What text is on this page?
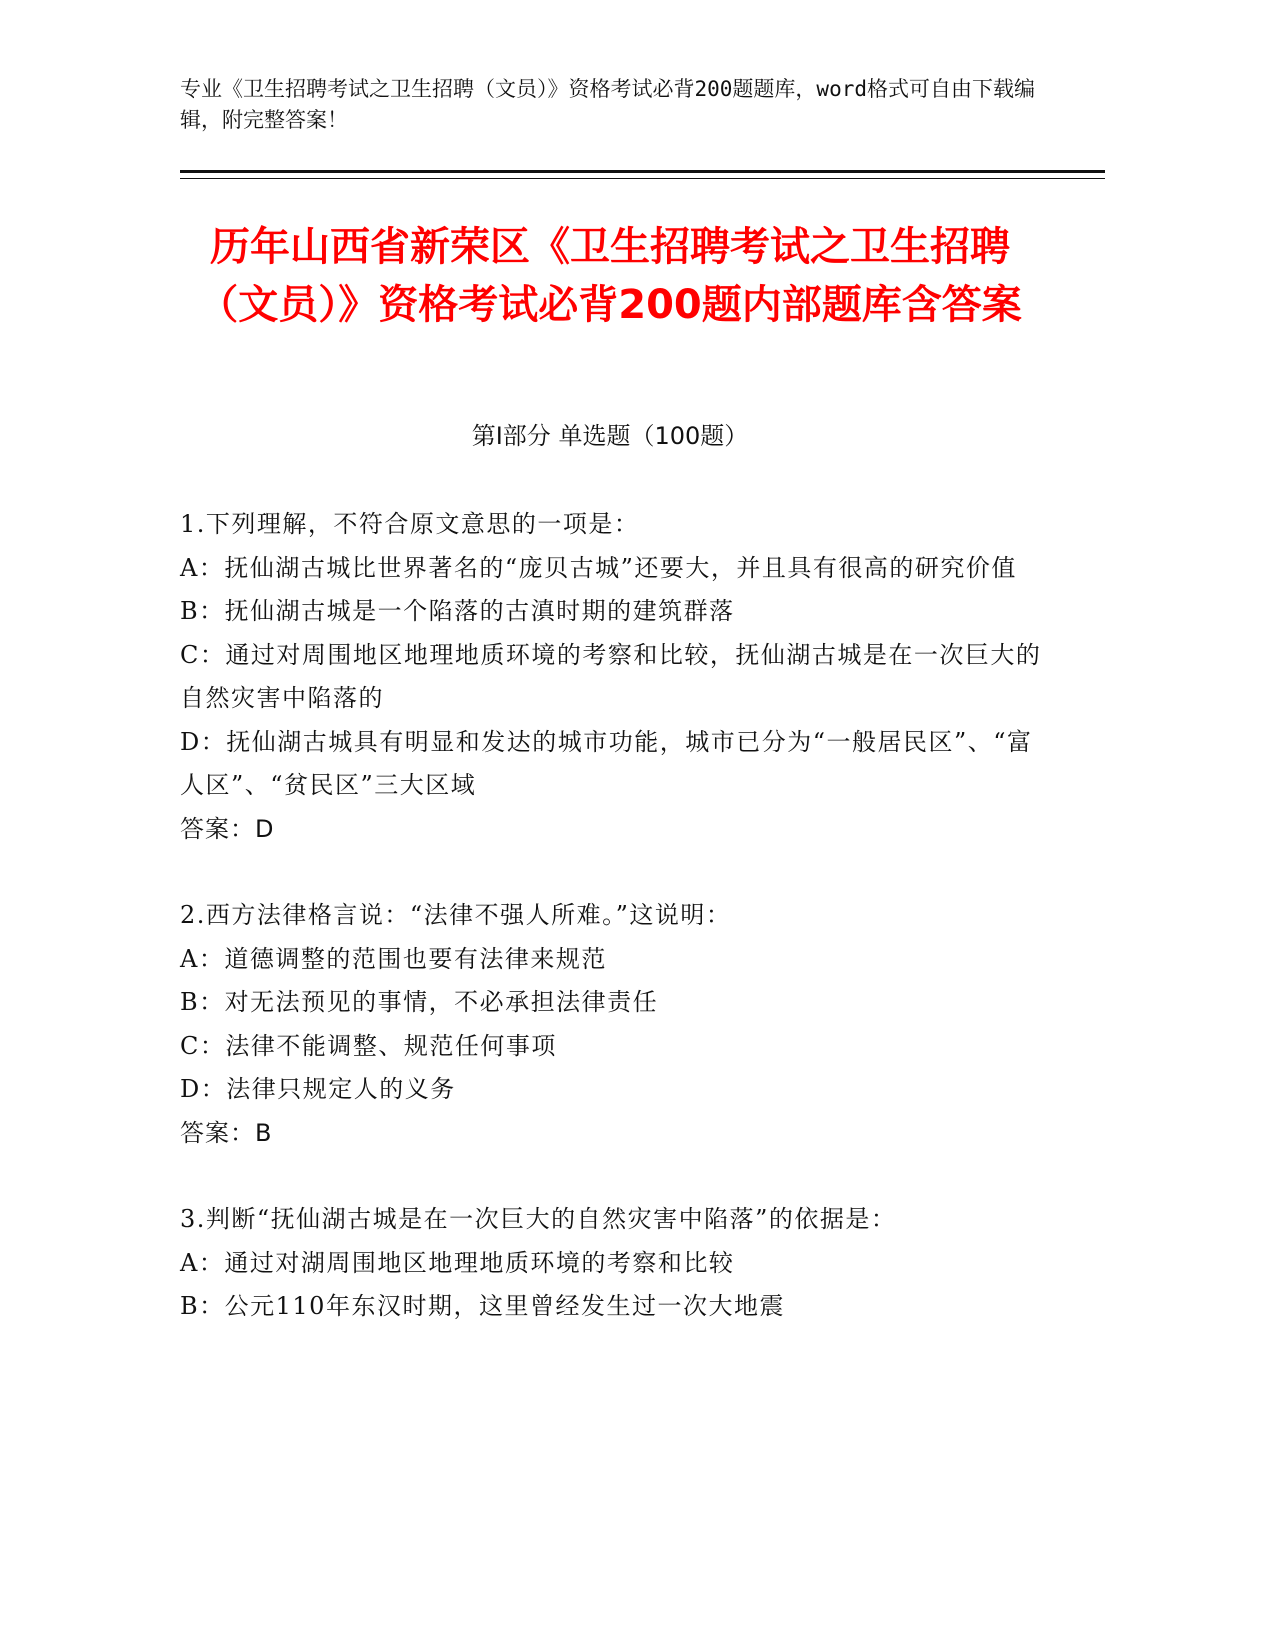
专业《卫生招聘考试之卫生招聘（文员）》资格考试必背200题题库，word格式可自由下载编辑，附完整答案！
历年山西省新荣区《卫生招聘考试之卫生招聘（文员）》资格考试必背200题内部题库含答案
第I部分 单选题（100题）
1.下列理解，不符合原文意思的一项是：
A：抚仙湖古城比世界著名的“庞贝古城”还要大，并且具有很高的研究价值
B：抚仙湖古城是一个陷落的古滇时期的建筑群落
C：通过对周围地区地理地质环境的考察和比较，抚仙湖古城是在一次巨大的自然灾害中陷落的
D：抚仙湖古城具有明显和发达的城市功能，城市已分为“一般居民区”、“富人区”、“贫民区”三大区域
答案：D
2.西方法律格言说：“法律不强人所难。”这说明：
A：道德调整的范围也要有法律来规范
B：对无法预见的事情，不必承担法律责任
C：法律不能调整、规范任何事项
D：法律只规定人的义务
答案：B
3.判断“抚仙湖古城是在一次巨大的自然灾害中陷落”的依据是：
A：通过对湖周围地区地理地质环境的考察和比较
B：公元110年东汉时期，这里曾经发生过一次大地震
